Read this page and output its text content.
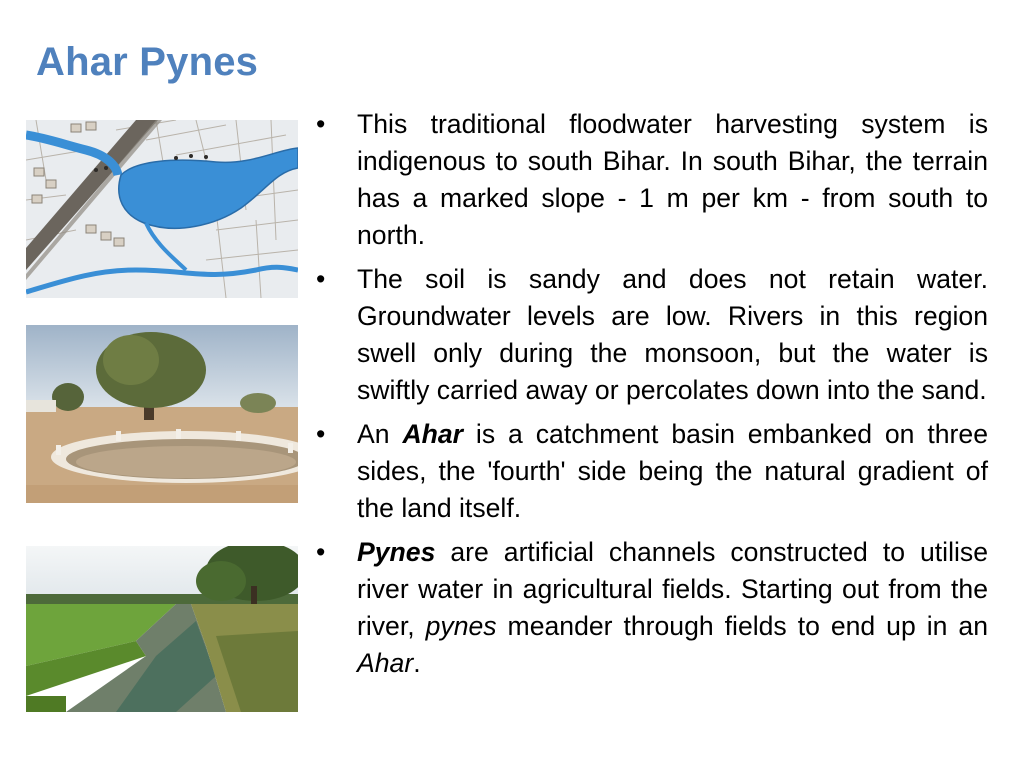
Ahar Pynes
• This traditional floodwater harvesting system is indigenous to south Bihar. In south Bihar, the terrain has a marked slope - 1 m per km - from south to north.
• The soil is sandy and does not retain water. Groundwater levels are low. Rivers in this region swell only during the monsoon, but the water is swiftly carried away or percolates down into the sand.
• An Ahar is a catchment basin embanked on three sides, the 'fourth' side being the natural gradient of the land itself.
• Pynes are artificial channels constructed to utilise river water in agricultural fields. Starting out from the river, pynes meander through fields to end up in an Ahar.
